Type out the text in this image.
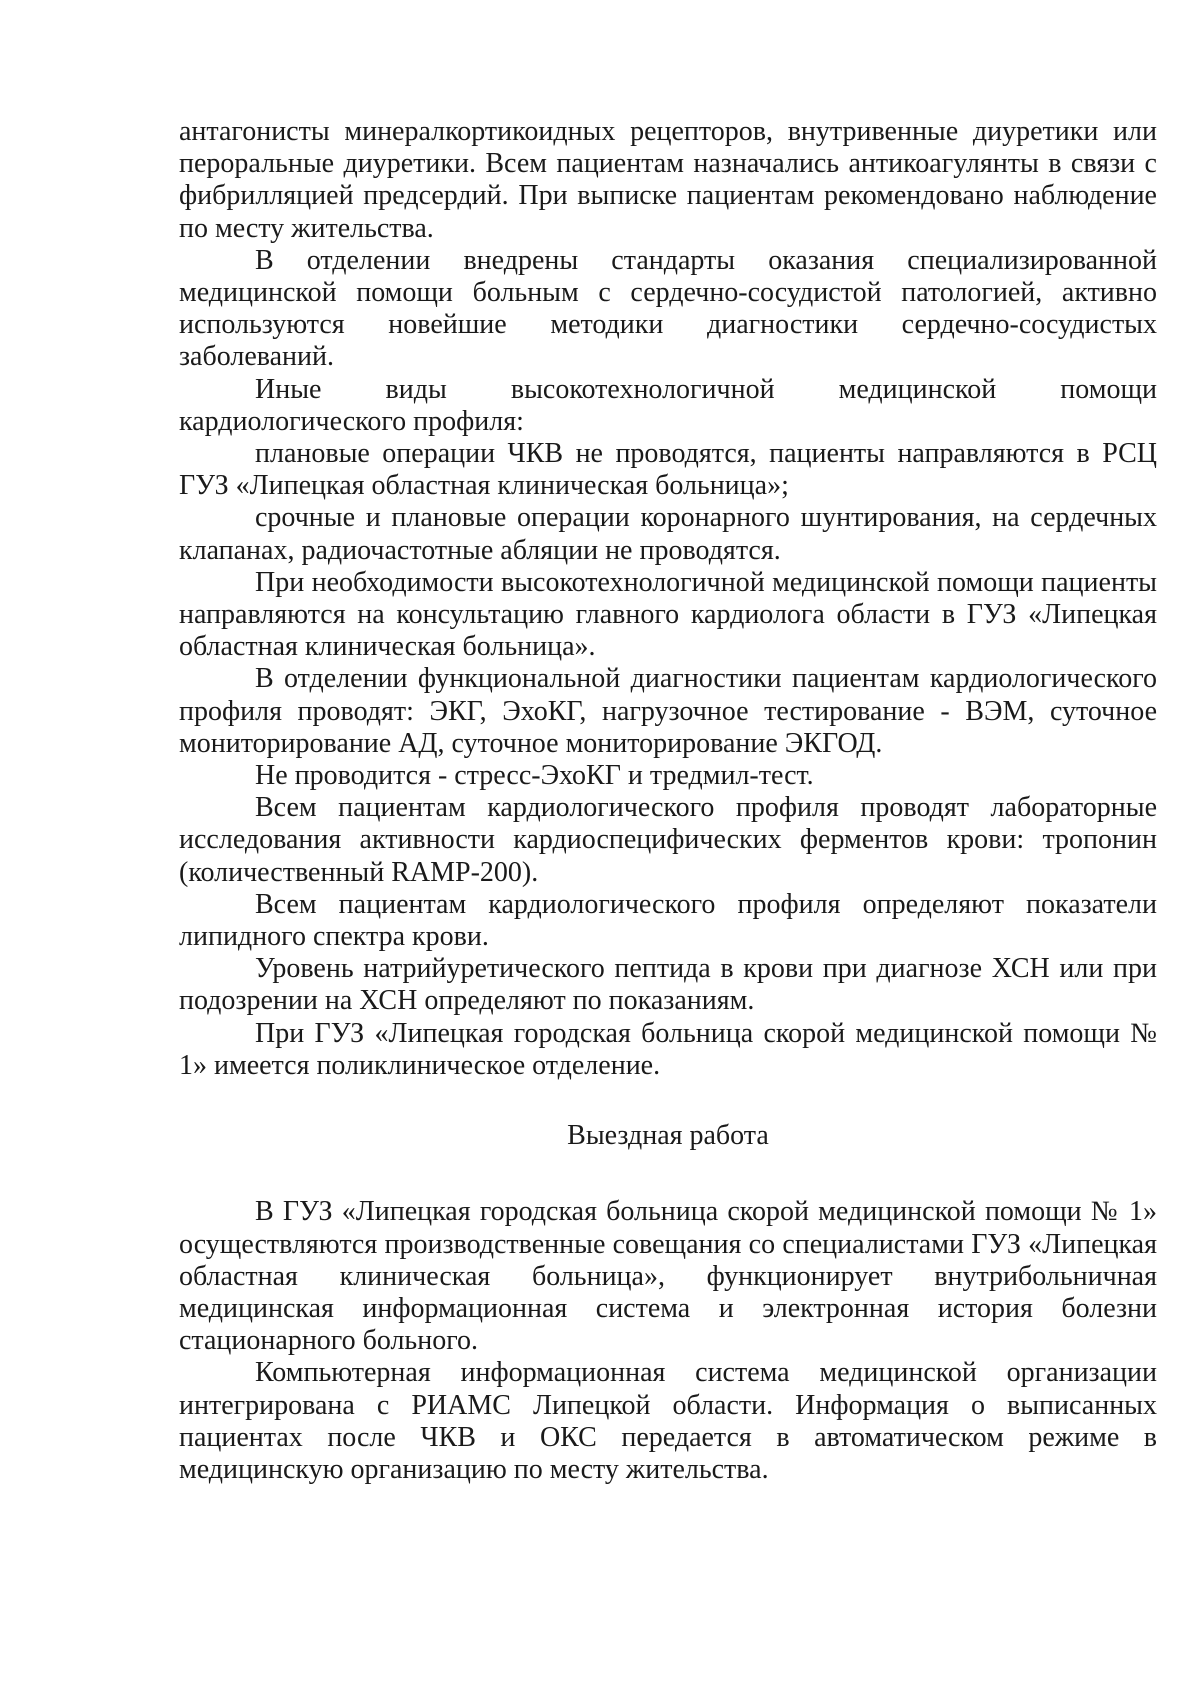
антагонисты минералкортикоидных рецепторов, внутривенные диуретики или пероральные диуретики. Всем пациентам назначались антикоагулянты в связи с фибрилляцией предсердий. При выписке пациентам рекомендовано наблюдение по месту жительства.

В отделении внедрены стандарты оказания специализированной медицинской помощи больным с сердечно-сосудистой патологией, активно используются новейшие методики диагностики сердечно-сосудистых заболеваний.

Иные виды высокотехнологичной медицинской помощи кардиологического профиля:

плановые операции ЧКВ не проводятся, пациенты направляются в РСЦ ГУЗ «Липецкая областная клиническая больница»;

срочные и плановые операции коронарного шунтирования, на сердечных клапанах, радиочастотные абляции не проводятся.

При необходимости высокотехнологичной медицинской помощи пациенты направляются на консультацию главного кардиолога области в ГУЗ «Липецкая областная клиническая больница».

В отделении функциональной диагностики пациентам кардиологического профиля проводят: ЭКГ, ЭхоКГ, нагрузочное тестирование - ВЭМ, суточное мониторирование АД, суточное мониторирование ЭКГОД.

Не проводится - стресс-ЭхоКГ и тредмил-тест.

Всем пациентам кардиологического профиля проводят лабораторные исследования активности кардиоспецифических ферментов крови: тропонин (количественный RAMP-200).

Всем пациентам кардиологического профиля определяют показатели липидного спектра крови.

Уровень натрийуретического пептида в крови при диагнозе ХСН или при подозрении на ХСН определяют по показаниям.

При ГУЗ «Липецкая городская больница скорой медицинской помощи № 1» имеется поликлиническое отделение.

Выездная работа

В ГУЗ «Липецкая городская больница скорой медицинской помощи № 1» осуществляются производственные совещания со специалистами ГУЗ «Липецкая областная клиническая больница», функционирует внутрибольничная медицинская информационная система и электронная история болезни стационарного больного.

Компьютерная информационная система медицинской организации интегрирована с РИАМС Липецкой области. Информация о выписанных пациентах после ЧКВ и ОКС передается в автоматическом режиме в медицинскую организацию по месту жительства.
